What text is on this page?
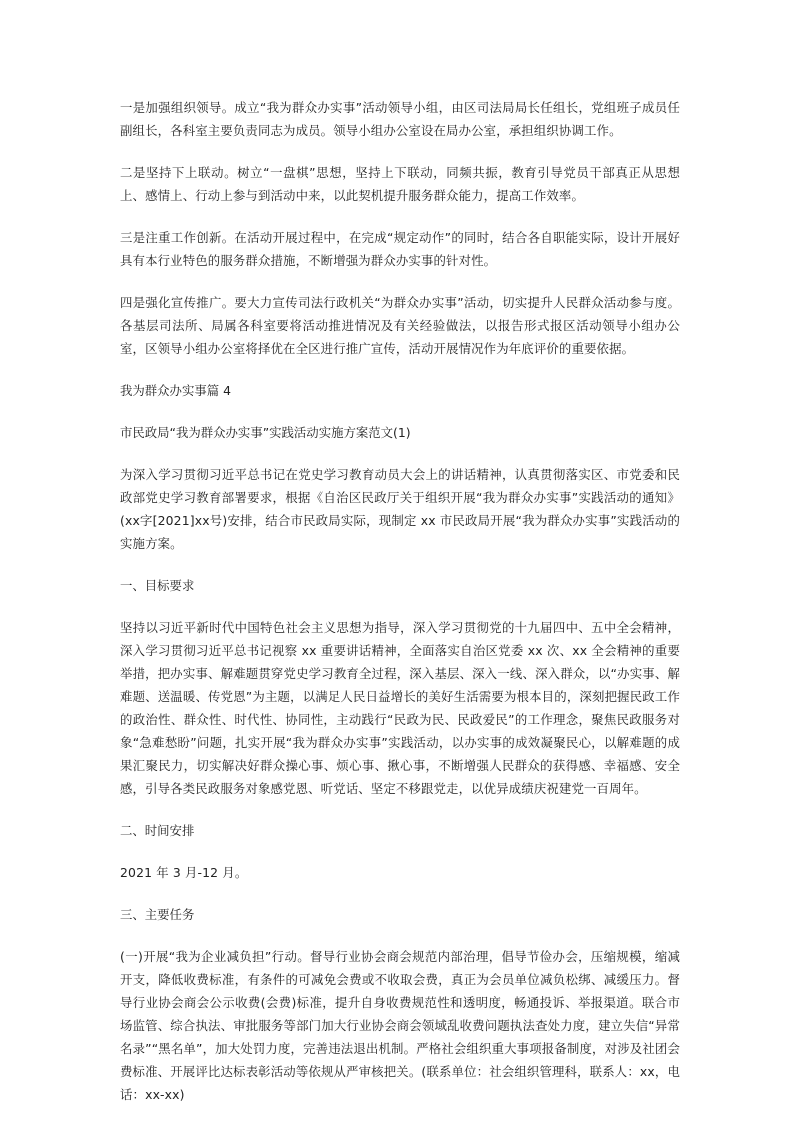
一是加强组织领导。成立“我为群众办实事”活动领导小组，由区司法局局长任组长，党组班子成员任副组长，各科室主要负责同志为成员。领导小组办公室设在局办公室，承担组织协调工作。

二是坚持下上联动。树立“一盘棋”思想，坚持上下联动，同频共振，教育引导党员干部真正从思想上、感情上、行动上参与到活动中来，以此契机提升服务群众能力，提高工作效率。

三是注重工作创新。在活动开展过程中，在完成“规定动作”的同时，结合各自职能实际，设计开展好具有本行业特色的服务群众措施，不断增强为群众办实事的针对性。

四是强化宣传推广。要大力宣传司法行政机关“为群众办实事”活动，切实提升人民群众活动参与度。各基层司法所、局属各科室要将活动推进情况及有关经验做法，以报告形式报区活动领导小组办公室，区领导小组办公室将择优在全区进行推广宣传，活动开展情况作为年底评价的重要依据。

我为群众办实事篇 4

市民政局“我为群众办实事”实践活动实施方案范文(1)

为深入学习贯彻习近平总书记在党史学习教育动员大会上的讲话精神，认真贯彻落实区、市党委和民政部党史学习教育部署要求，根据《自治区民政厅关于组织开展“我为群众办实事”实践活动的通知》(xx字[2021]xx号)安排，结合市民政局实际，现制定 xx 市民政局开展“我为群众办实事”实践活动的实施方案。

一、目标要求

坚持以习近平新时代中国特色社会主义思想为指导，深入学习贯彻党的十九届四中、五中全会精神，深入学习贯彻习近平总书记视察 xx 重要讲话精神，全面落实自治区党委 xx 次、xx 全会精神的重要举措，把办实事、解难题贯穿党史学习教育全过程，深入基层、深入一线、深入群众，以“办实事、解难题、送温暖、传党恩”为主题，以满足人民日益增长的美好生活需要为根本目的，深刻把握民政工作的政治性、群众性、时代性、协同性，主动践行“民政为民、民政爱民”的工作理念，聚焦民政服务对象“急难愁盼”问题，扎实开展“我为群众办实事”实践活动，以办实事的成效凝聚民心，以解难题的成果汇聚民力，切实解决好群众操心事、烦心事、揪心事，不断增强人民群众的获得感、幸福感、安全感，引导各类民政服务对象感党恩、听党话、坚定不移跟党走，以优异成绩庆祝建党一百周年。

二、时间安排

2021 年 3 月-12 月。

三、主要任务

(一)开展“我为企业减负担”行动。督导行业协会商会规范内部治理，倡导节俭办会，压缩规模，缩减开支，降低收费标准，有条件的可减免会费或不收取会费，真正为会员单位减负松绑、减缓压力。督导行业协会商会公示收费(会费)标准，提升自身收费规范性和透明度，畅通投诉、举报渠道。联合市场监管、综合执法、审批服务等部门加大行业协会商会领域乱收费问题执法查处力度，建立失信“异常名录”“黑名单”，加大处罚力度，完善违法退出机制。严格社会组织重大事项报备制度，对涉及社团会费标准、开展评比达标表彰活动等依规从严审核把关。(联系单位：社会组织管理科，联系人：xx，电话：xx-xx)
